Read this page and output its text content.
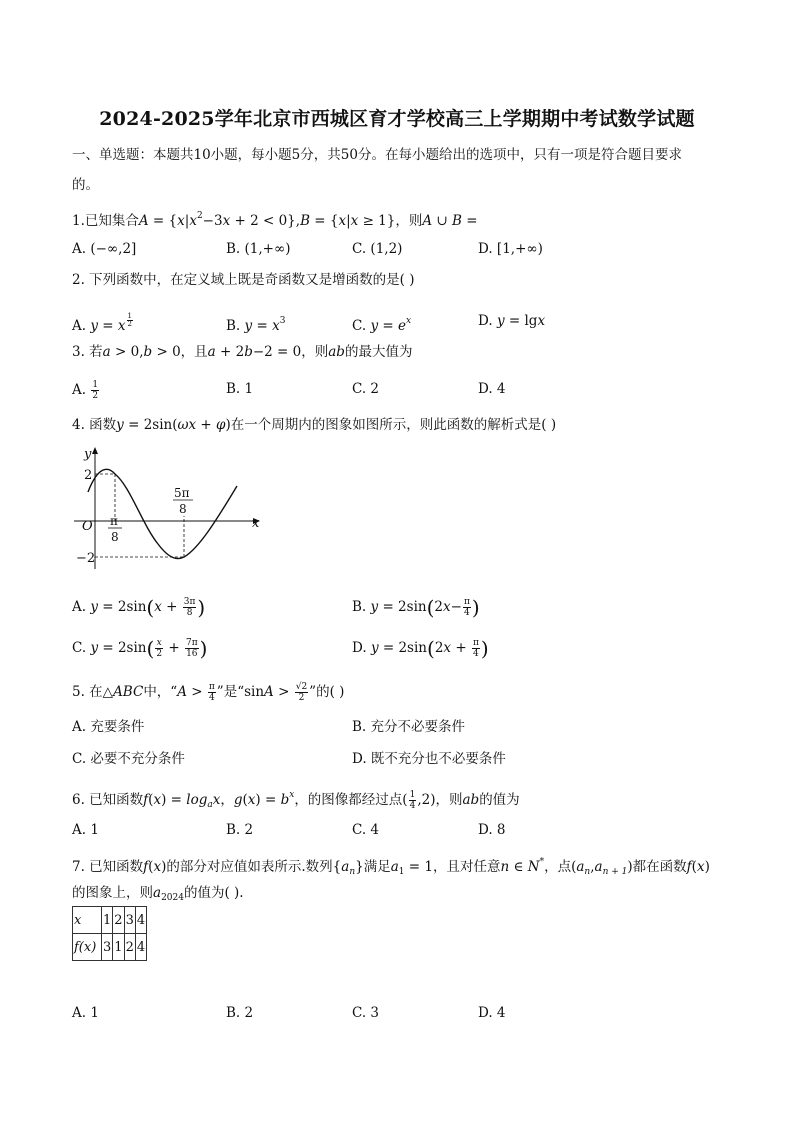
2024-2025学年北京市西城区育才学校高三上学期期中考试数学试题
一、单选题：本题共10小题，每小题5分，共50分。在每小题给出的选项中，只有一项是符合题目要求
的。
1.已知集合$A = \{x|x^2-3x + 2 < 0\},B = \{x|x \ge 1\}$，则A ∪ B =
A. (−∞,2]	B. (1,+∞)	C. (1,2)	D. [1,+∞)
2. 下列函数中，在定义域上既是奇函数又是增函数的是( )
A. y = x $^{\frac{1}{2}}$	B. $y = x^3$	C. $y = e^x$	D. y = lgx
3. 若a > 0,b > 0，且a + 2b−2 = 0，则ab的最大值为
A. $\frac{1}{2}$	B. 1	C. 2	D. 4
4. 函数y = 2sin(ωx + φ)在一个周期内的图象如图所示，则此函数的解析式是( )
y
x
O
2
−2
π
8
5π
8
A. $y = 2\sin(x + \frac{3\pi}{8}$ )	B. $y = 2\sin(2x- \frac{\pi}{4}$ )
C. $y = 2\sin( \frac{x}{2} + \frac{7\pi}{16}$ )	D. $y = 2\sin(2x + \frac{\pi}{4}$ )
5. 在△ABC中，“$A > \frac{\pi}{4}$ ”是“$\sin A > \frac{√2}{2}$ ”的( )
A. 充要条件	B. 充分不必要条件
C. 必要不充分条件	D. 既不充分也不必要条件
6. 已知函数$f(x) = \log_ax$，$g(x) = b^x$，的图像都经过点( $\frac{1}{4} ,2$)，则ab的值为
A. 1	B. 2	C. 4	D. 8
7. 已知函数f(x)的部分对应值如表所示.数列$\{a_n\}$满足$a_1 = 1$，且对任意n ∈ N*，点$(a_n,a_{n + 1})$都在函数f(x)
的图象上，则$a_{2024}$的值为( ).
x	1	2	3	4
f(x)	3	1	2	4
A. 1	B. 2	C. 3	D. 4
